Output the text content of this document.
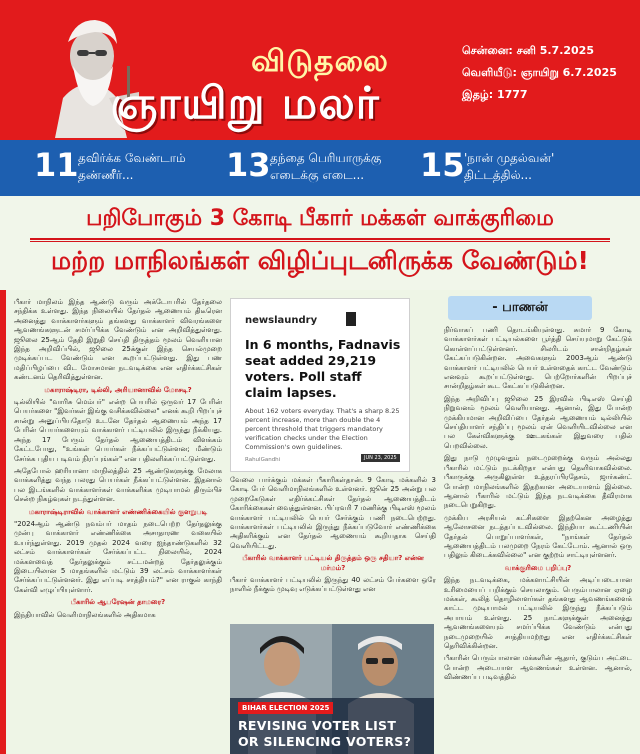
விடுதலை
ஞாயிறு மலர்
சென்னை: சனி 5.7.2025
வெளியீடு: ஞாயிறு 6.7.2025
இதழ்: 1777
11 தவிர்க்க வேண்டாம் தண்ணீர்...	13 தந்தை பெரியாருக்கு எடைக்கு எடை...	15 'நான் முதல்வன்' திட்டத்தில்...
பறிபோகும் 3 கோடி பீகார் மக்கள் வாக்குரிமை
மற்ற மாநிலங்கள் விழிப்புடனிருக்க வேண்டும்!

பீகார் மாநிலம் இந்த ஆண்டு வரும் அக்டோபரில் தேர்தலை சந்திக்க உள்ளது. இந்த நிலையில் தேர்தல் ஆணையம் திடீரென அனைத்து வாக்காளர்களும் தங்களது வாக்காளர் விவரங்களை ஆவணங்களுடன் சமர்ப்பிக்க வேண்டும் என அறிவித்துள்ளது. ஜூலை 25ஆம் தேதி இறுதி செய்தி திருத்தம் மூலம் வெளியான இந்த அறிவிப்பில், ஜூலை 25க்குள் இந்த செயல்முறை முடிக்கப்பட வேண்டும் என கூறப்பட்டுள்ளது. இது பண மதிப்பிழப்பை விட மோசமான நடவடிக்கை என எதிர்க்கட்சிகள் கண்டனம் தெரிவித்துள்ளன.

மகாராஷ்டிரா, டில்லி, அரியானாவில் மோசடி?

டில்லியில் "வாரிசு மெம்பர்" என்ற பெயரில் ஒருவர் 17 பேரின் பெயர்களை "இவர்கள் இங்கு வசிக்கவில்லை" எனக் கூறி பிறப்புச் சான்று அனுப்பியதோடு உடனே தேர்தல் ஆணையம் அந்த 17 பேரின் பெயர்களையும் வாக்காளர் பட்டியலில் இருந்து நீக்கியது. அந்த 17 பேரும் தேர்தல் ஆணையத்திடம் விளக்கம் கேட்டபோது, "உங்கள் பெயர்கள் நீக்கப்பட்டுள்ளன; மீண்டும் சேர்க்க புதிய படிவம் நிரப்புங்கள்" என பதிலளிக்கப்பட்டுள்ளது.

அதேபோல் ஹரியானா மாநிலத்தில் 25 ஆண்டுகளுக்கு மேலாக வாக்களித்து வந்த பலரது பெயர்கள் நீக்கப்பட்டுள்ளன. இதனால் பல இடங்களில் வாக்காளர்கள் வாக்களிக்க முடியாமல் திரும்பிச் சென்ற நிகழ்வுகள் நடந்துள்ளன.

மகாராஷ்டிராவில் வாக்காளர் எண்ணிக்கையில் குளறுபடி

"2024ஆம் ஆண்டு நவம்பர் மாதம் நடைபெற்ற தேர்தலுக்கு முன்பு வாக்காளர் எண்ணிக்கை அசாதாரண வகையில் உயர்ந்துள்ளது. 2019 முதல் 2024 வரை ஐந்தாண்டுகளில் 32 லட்சம் வாக்காளர்கள் சேர்க்கப்பட்ட நிலையில், 2024 மக்களவைத் தேர்தலுக்கும் சட்டமன்றத் தேர்தலுக்கும் இடையிலான 5 மாதங்களில் மட்டும் 39 லட்சம் வாக்காளர்கள் சேர்க்கப்பட்டுள்ளனர். இது எப்படி சாத்தியம்?" என ராகுல் காந்தி கேள்வி எழுப்பியுள்ளார்.

பீகாரில் ஆபரேஷன் தாமரை?

இந்தியாவில் வெளிமாநிலங்களில் அதிகமாக

newslaundry
In 6 months, Fadnavis seat added 29,219 voters. Poll staff claim lapses.
About 162 voters everyday. That's a sharp 8.25 percent increase, more than double the 4 percent threshold that triggers mandatory verification checks under the Election Commission's own guidelines.
RahulGandhi	JUN 23, 2025

வேலை பார்க்கும் மக்கள் பீகாரிகள்தான். 9 கோடி மக்களில் 3 கோடி பேர் வெளிமாநிலங்களில் உள்ளனர். ஜூன் 25 அன்று பல முறைகேடுகள் எதிர்க்கட்சிகள் தேர்தல் ஆணையத்திடம் கோரிக்கைகள் வைத்துள்ளன. பிப்ரவரி 7 மணிக்கு பிடிஎஸ் மூலம் வாக்காளர் பட்டியலில் பெயர் சேர்க்கும் பணி நடைபெற்றது. வாக்காளர்கள் பட்டியலில் இருந்து நீக்கப்படுவோர் எண்ணிக்கை அதிகரிக்கும் என தேர்தல் ஆணையம் கூறியதாக செய்தி வெளியிட்டது.

பீகாரில் வாக்காளர் பட்டியல் திருத்தம் ஒரு சதியா? என்ன மர்மம்?

பீகார் வாக்காளர் பட்டியலில் இருந்து 40 லட்சம் பேர்களை ஒரே நாளில் நீக்கும் முடிவு எடுக்கப்பட்டுள்ளது என

BIHAR ELECTION 2025
REVISING VOTER LIST
OR SILENCING VOTERS?
- பாணன்

நிர்வாகப் பணி தொடங்கியுள்ளது. சுமார் 9 கோடி வாக்காளர்கள் பட்டியல்களை பூர்த்தி செய்யுமாறு கேட்டுக் கொள்ளப்பட்டுள்ளனர். சிலரிடம் சான்றிதழ்கள் கேட்கப்படுகின்றன. அவைகளும் 2003ஆம் ஆண்டு வாக்காளர் பட்டியலில் பெயர் உள்ளதைக் காட்ட வேண்டும் எனவும் கூறப்பட்டுள்ளது. பெற்றோர்களின் பிறப்புச் சான்றிதழ்கள் கூட கேட்கப்படுகின்றன.

இந்த அறிவிப்பு ஜூலை 25 இரவில் பிடிஎஸ் செய்தி நிறுவனம் மூலம் வெளியானது. ஆனால், இது போன்ற முக்கியமான அறிவிப்பை தேர்தல் ஆணையம் டில்லியில் செய்தியாளர் சந்திப்பு மூலம் ஏன் வெளியிடவில்லை என பல கேள்விகளுக்கு ஊடகங்கள் இதுவரை பதில் பெறவில்லை.

இது நாடு முழுவதும் நடைமுறைக்கு வரும் அல்லது பீகாரில் மட்டும் நடக்கிறதா என்பது தெளிவாகவில்லை. பீகாருக்கு அருகிலுள்ள உத்தரப்பிரதேசம், ஜார்கண்ட் போன்ற மாநிலங்களில் இதற்கான அடையாளம் இல்லை. ஆனால் பீகாரில் மட்டும் இந்த நடவடிக்கை தீவிரமாக நடைபெறுகிறது.

முக்கிய அரசியல் கட்சிகளை இதற்கென அழைத்து ஆலோசனை நடத்தப்படவில்லை. இந்தியா கூட்டணியின் தேர்தல் பொறுப்பாளர்கள், "நாங்கள் தேர்தல் ஆணையத்திடம் பலமுறை நேரம் கேட்டோம். ஆனால் ஒரு பதிலும் கிடைக்கவில்லை" என குற்றம் சாட்டியுள்ளனர்.

வாக்குரிமை பறிப்பு?

இந்த நடவடிக்கை, மக்களாட்சியின் அடிப்படையான உரிமையைப் பறிக்கும் செயலாகும். பெரும்பாலான ஏழை மக்கள், கூலித் தொழிலாளர்கள் தங்களது ஆவணங்களைக் காட்ட முடியாமல் பட்டியலில் இருந்து நீக்கப்படும் அபாயம் உள்ளது. 25 நாட்களுக்குள் அனைத்து ஆவணங்களையும் சமர்ப்பிக்க வேண்டும் என்பது நடைமுறையில் சாத்தியமற்றது என எதிர்க்கட்சிகள் தெரிவிக்கின்றன.

பீகாரின் பெரும்பாலான மக்களின் ஆதார், குடும்ப அட்டை போன்ற அடையாள ஆவணங்கள் உள்ளன. ஆனால், விண்ணப்ப படிவத்தில்
